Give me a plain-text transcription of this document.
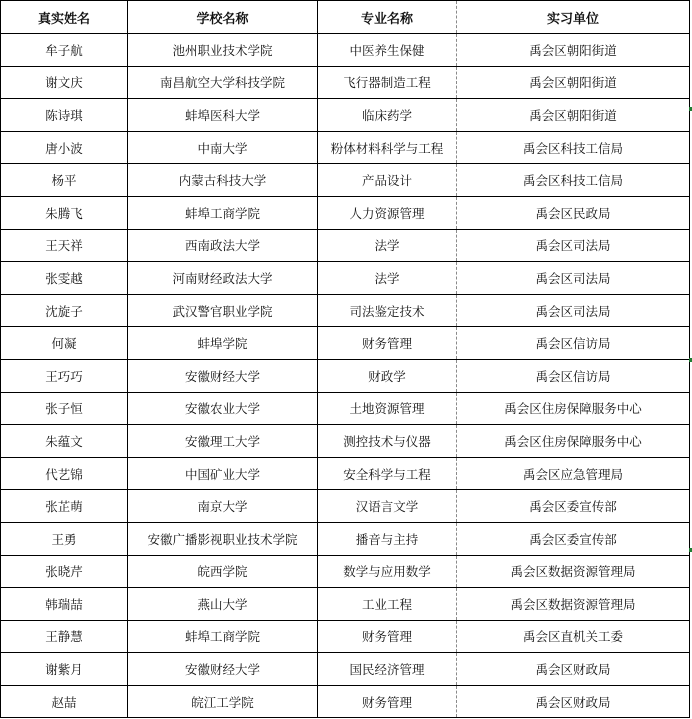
真实姓名	学校名称	专业名称	实习单位
牟子航	池州职业技术学院	中医养生保健	禹会区朝阳街道
谢文庆	南昌航空大学科技学院	飞行器制造工程	禹会区朝阳街道
陈诗琪	蚌埠医科大学	临床药学	禹会区朝阳街道
唐小波	中南大学	粉体材料科学与工程	禹会区科技工信局
杨平	内蒙古科技大学	产品设计	禹会区科技工信局
朱腾飞	蚌埠工商学院	人力资源管理	禹会区民政局
王天祥	西南政法大学	法学	禹会区司法局
张雯越	河南财经政法大学	法学	禹会区司法局
沈旋子	武汉警官职业学院	司法鉴定技术	禹会区司法局
何凝	蚌埠学院	财务管理	禹会区信访局
王巧巧	安徽财经大学	财政学	禹会区信访局
张子恒	安徽农业大学	土地资源管理	禹会区住房保障服务中心
朱蕴文	安徽理工大学	测控技术与仪器	禹会区住房保障服务中心
代艺锦	中国矿业大学	安全科学与工程	禹会区应急管理局
张芷萌	南京大学	汉语言文学	禹会区委宣传部
王勇	安徽广播影视职业技术学院	播音与主持	禹会区委宣传部
张晓芹	皖西学院	数学与应用数学	禹会区数据资源管理局
韩瑞喆	燕山大学	工业工程	禹会区数据资源管理局
王静慧	蚌埠工商学院	财务管理	禹会区直机关工委
谢紫月	安徽财经大学	国民经济管理	禹会区财政局
赵喆	皖江工学院	财务管理	禹会区财政局
